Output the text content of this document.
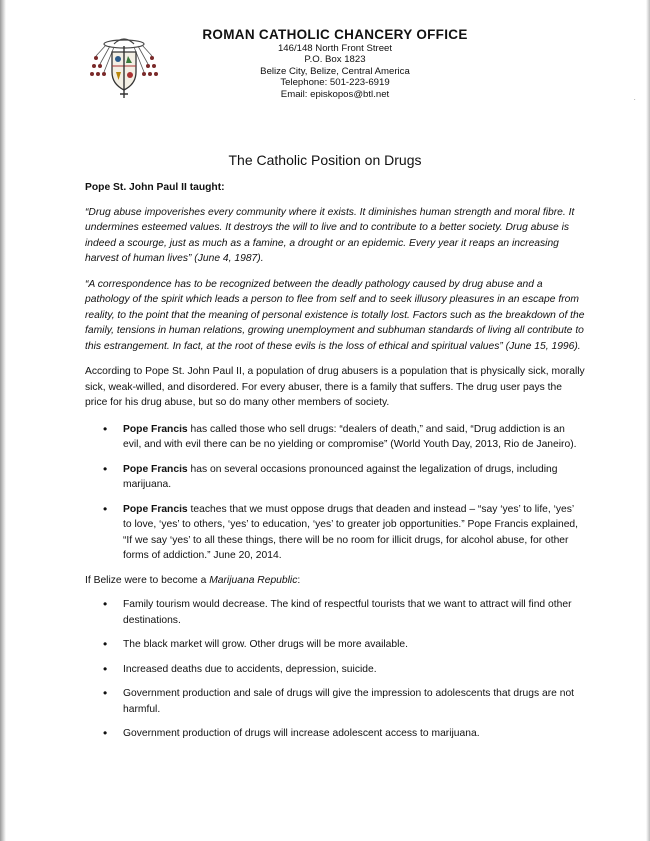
ROMAN CATHOLIC CHANCERY OFFICE
146/148 North Front Street
P.O. Box 1823
Belize City, Belize, Central America
Telephone: 501-223-6919
Email: episkopos@btl.net	·
The Catholic Position on Drugs

Pope St. John Paul II taught:

“Drug abuse impoverishes every community where it exists. It diminishes human strength and moral fibre. It undermines esteemed values. It destroys the will to live and to contribute to a better society. Drug abuse is indeed a scourge, just as much as a famine, a drought or an epidemic. Every year it reaps an increasing harvest of human lives” (June 4, 1987).

“A correspondence has to be recognized between the deadly pathology caused by drug abuse and a pathology of the spirit which leads a person to flee from self and to seek illusory pleasures in an escape from reality, to the point that the meaning of personal existence is totally lost. Factors such as the breakdown of the family, tensions in human relations, growing unemployment and subhuman standards of living all contribute to this estrangement. In fact, at the root of these evils is the loss of ethical and spiritual values” (June 15, 1996).

According to Pope St. John Paul II, a population of drug abusers is a population that is physically sick, morally sick, weak-willed, and disordered. For every abuser, there is a family that suffers. The drug user pays the price for his drug abuse, but so do many other members of society.

• Pope Francis has called those who sell drugs: “dealers of death,” and said, “Drug addiction is an evil, and with evil there can be no yielding or compromise” (World Youth Day, 2013, Rio de Janeiro).
• Pope Francis has on several occasions pronounced against the legalization of drugs, including marijuana.
• Pope Francis teaches that we must oppose drugs that deaden and instead – “say ‘yes’ to life, ‘yes’ to love, ‘yes’ to others, ‘yes’ to education, ‘yes’ to greater job opportunities.” Pope Francis explained, “If we say ‘yes’ to all these things, there will be no room for illicit drugs, for alcohol abuse, for other forms of addiction.” June 20, 2014.

If Belize were to become a Marijuana Republic:

• Family tourism would decrease. The kind of respectful tourists that we want to attract will find other destinations.
• The black market will grow. Other drugs will be more available.
• Increased deaths due to accidents, depression, suicide.
• Government production and sale of drugs will give the impression to adolescents that drugs are not harmful.
• Government production of drugs will increase adolescent access to marijuana.
